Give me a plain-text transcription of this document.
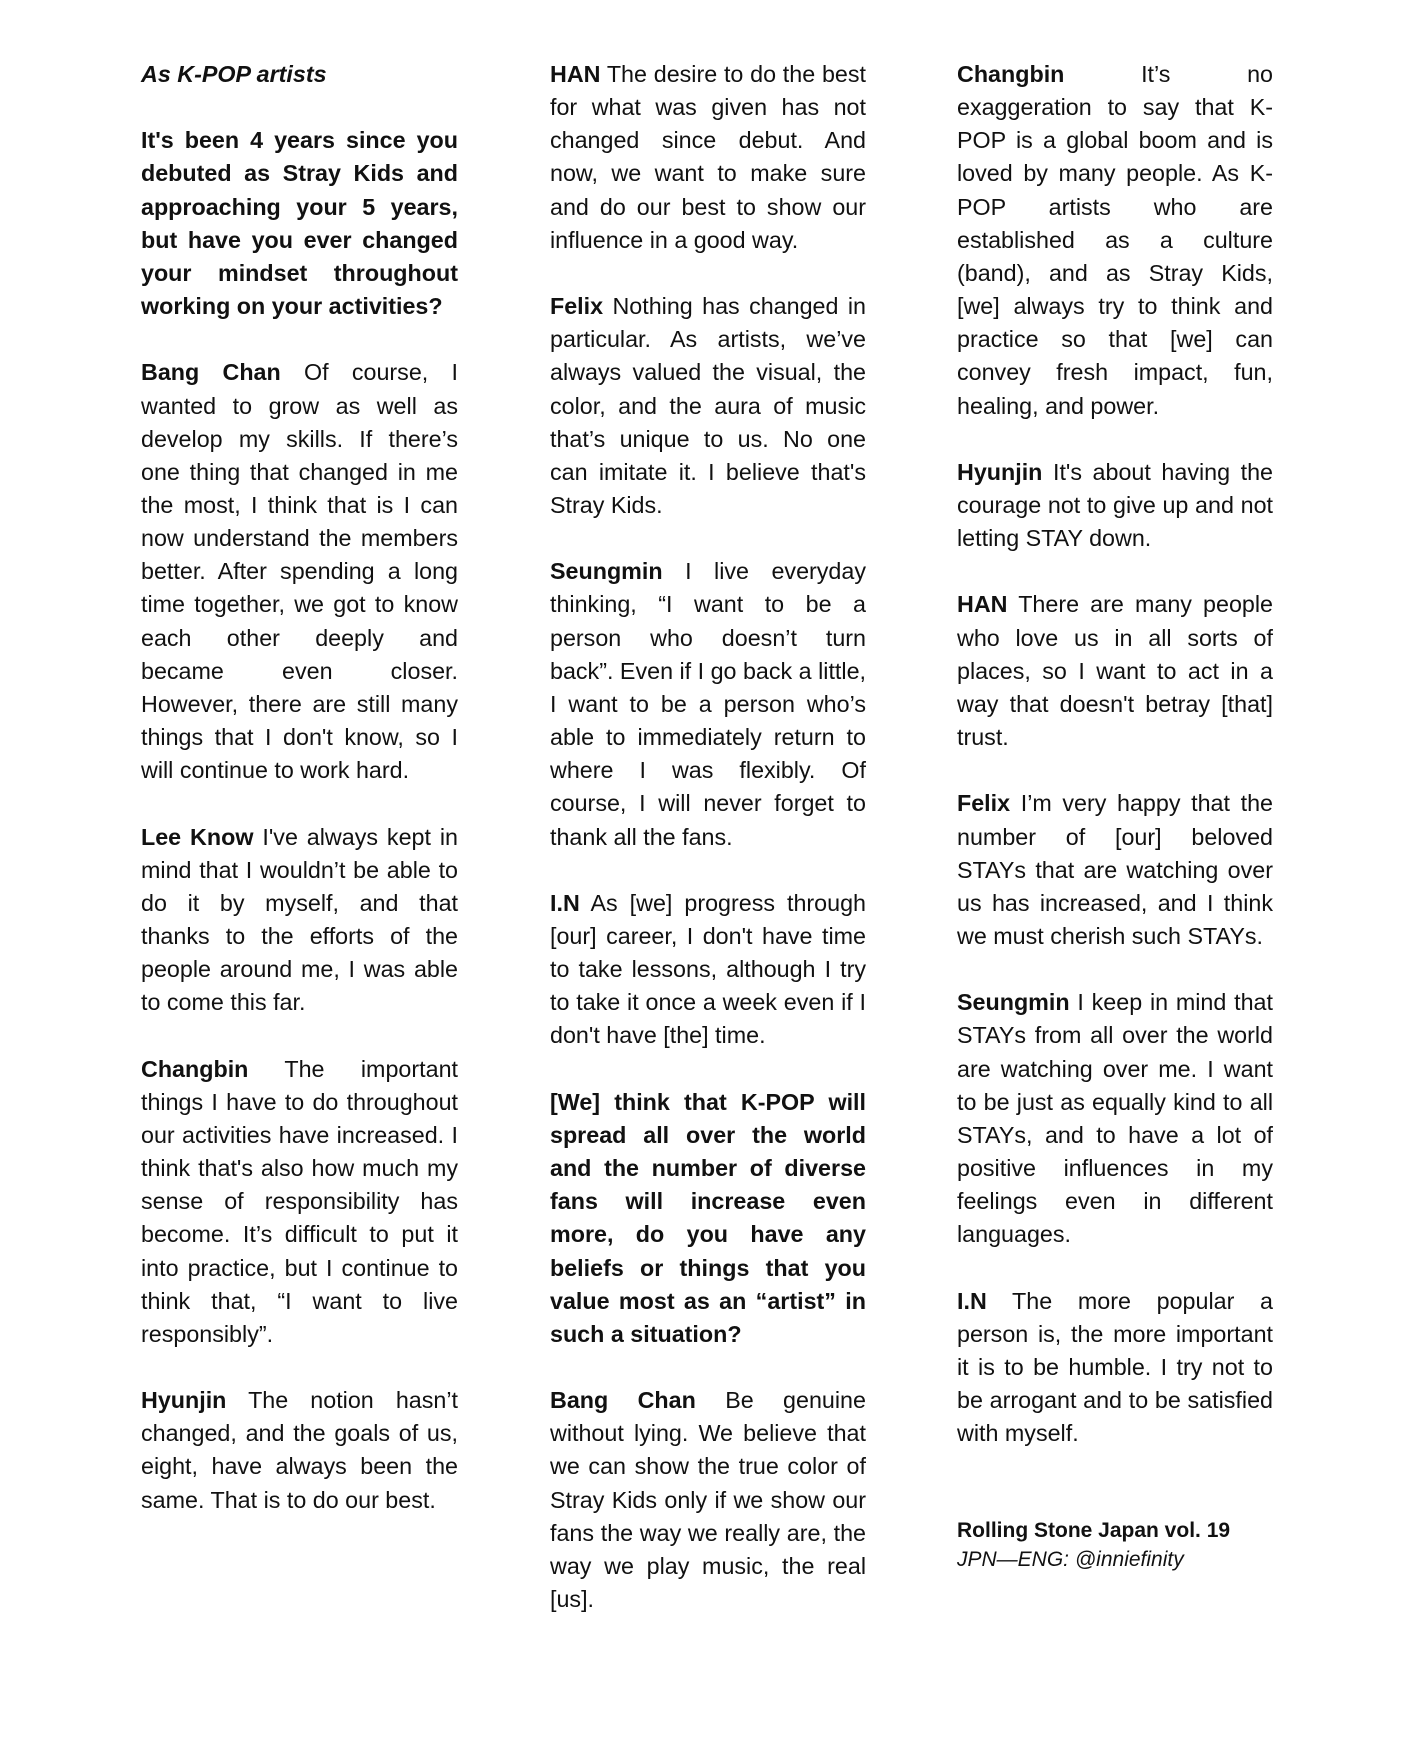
As K-POP artists

It's been 4 years since you debuted as Stray Kids and approaching your 5 years, but have you ever changed your mindset throughout working on your activities?

Bang Chan Of course, I wanted to grow as well as develop my skills. If there’s one thing that changed in me the most, I think that is I can now understand the members better. After spending a long time together, we got to know each other deeply and became even closer. However, there are still many things that I don't know, so I will continue to work hard.

Lee Know I've always kept in mind that I wouldn’t be able to do it by myself, and that thanks to the efforts of the people around me, I was able to come this far.

Changbin The important things I have to do throughout our activities have increased. I think that's also how much my sense of responsibility has become. It’s difficult to put it into practice, but I continue to think that, “I want to live responsibly”.

Hyunjin The notion hasn’t changed, and the goals of us, eight, have always been the same. That is to do our best.

HAN The desire to do the best for what was given has not changed since debut. And now, we want to make sure and do our best to show our influence in a good way.

Felix Nothing has changed in particular. As artists, we’ve always valued the visual, the color, and the aura of music that’s unique to us. No one can imitate it. I believe that's Stray Kids.

Seungmin I live everyday thinking, “I want to be a person who doesn’t turn back”. Even if I go back a little, I want to be a person who’s able to immediately return to where I was flexibly. Of course, I will never forget to thank all the fans.

I.N As [we] progress through [our] career, I don't have time to take lessons, although I try to take it once a week even if I don't have [the] time.

[We] think that K-POP will spread all over the world and the number of diverse fans will increase even more, do you have any beliefs or things that you value most as an “artist” in such a situation?

Bang Chan Be genuine without lying. We believe that we can show the true color of Stray Kids only if we show our fans the way we really are, the way we play music, the real [us].

Changbin	It’s no exaggeration to say that K-POP is a global boom and is loved by many people. As K-POP artists who are established as a culture (band), and as Stray Kids, [we] always try to think and practice so that [we] can convey fresh impact, fun, healing, and power.

Hyunjin It's about having the courage not to give up and not letting STAY down.

HAN There are many people who love us in all sorts of places, so I want to act in a way that doesn't betray [that] trust.

Felix I’m very happy that the number of [our] beloved STAYs that are watching over us has increased, and I think we must cherish such STAYs.

Seungmin I keep in mind that STAYs from all over the world are watching over me. I want to be just as equally kind to all STAYs, and to have a lot of positive influences in my feelings even in different languages.

I.N The more popular a person is, the more important it is to be humble. I try not to be arrogant and to be satisfied with myself.

Rolling Stone Japan vol. 19
JPN—ENG: @inniefinity
